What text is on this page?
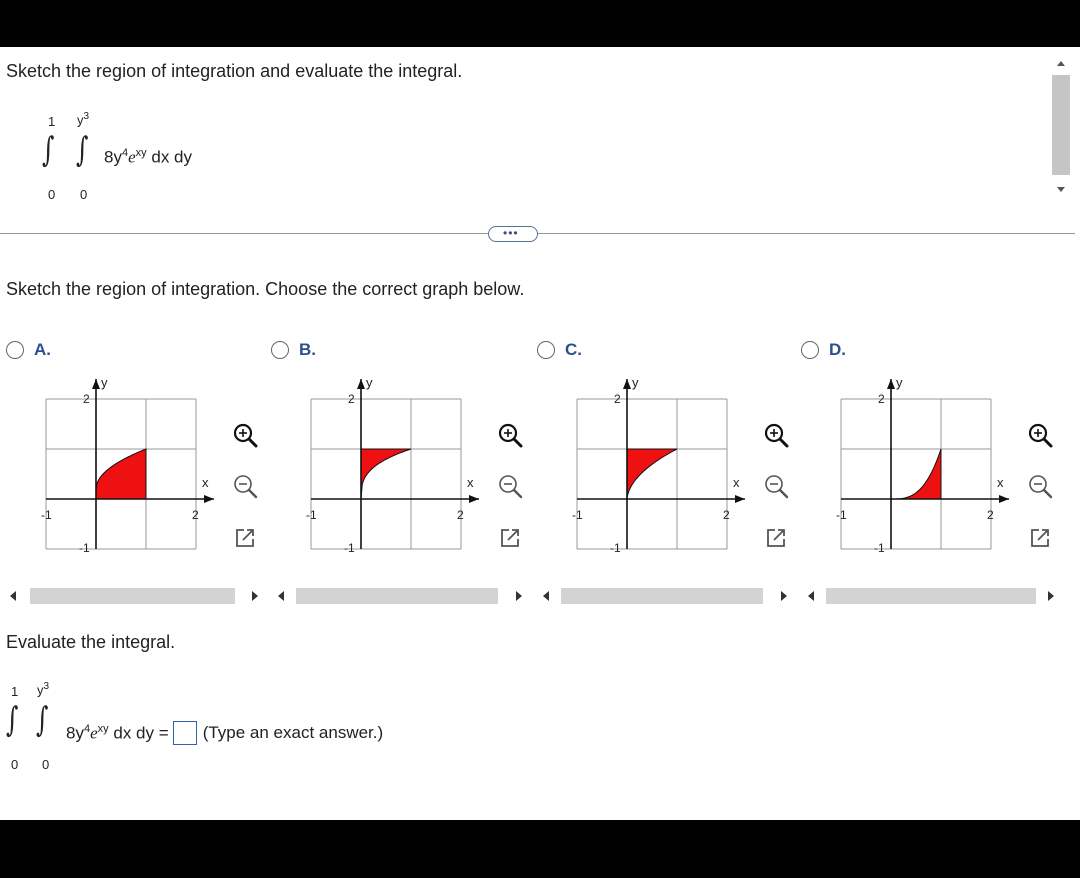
Sketch the region of integration and evaluate the integral.
1
∫
0
$y^3$
∫
0
$8y^4e^{xy}$ dx dy
•••
Sketch the region of integration. Choose the correct graph below.
A.
y
x
2
-1
-1	2
B.
y
x
2
-1
-1	2
C.
y
x
2
-1
-1	2
D.
y
x
2
-1
-1	2
Evaluate the integral.
1
∫
0
$y^3$
∫
0
$8y^4e^{xy}$ dx dy = (Type an exact answer.)
